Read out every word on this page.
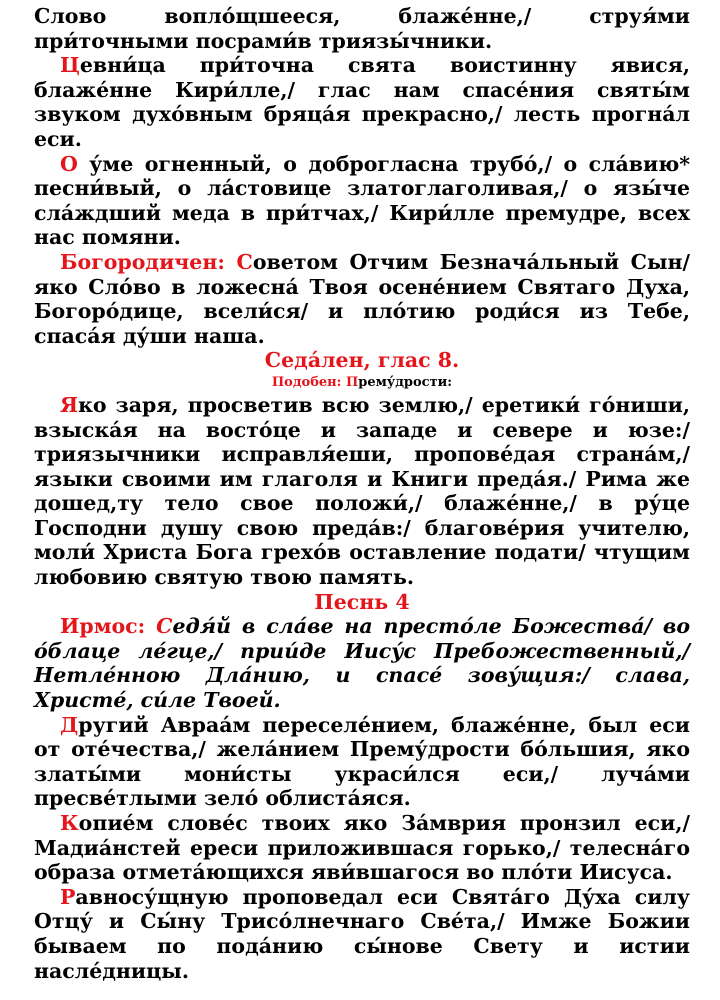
Слово вопло́щшееся, блаже́нне,/ струя́ми при́точными посрами́в триязы́чники.

Цевни́ца при́точна свята воистинну явися, блаже́нне Кири́лле,/ глас нам спасе́ния святы́м звуком духо́вным бряца́я прекрасно,/ лесть прогна́л еси.

О у́ме огненный, о доброгласна трубо́,/ о сла́вию* песни́вый, о ла́стовице златоглаголивая,/ о язы́че сла́ждший меда в при́тчах,/ Кири́лле премудре, всех нас помяни.

Богородичен: Советом Отчим Безнача́льный Сын/ яко Сло́во в ложесна́ Твоя осене́нием Святаго Духа, Богоро́дице, всели́ся/ и пло́тию роди́ся из Тебе, спаса́я ду́ши наша.

Седа́лен, глас 8.

Подобен: Прему́дрости:

Яко заря, просветив всю землю,/ еретики́ го́ниши, взыска́я на восто́це и западе и севере и юзе:/ триязычники исправля́еши, пропове́дая страна́м,/ языки своими им глаголя и Книги преда́я./ Рима же дошед,ту тело свое положи́,/ блаже́нне,/ в ру́це Господни душу свою преда́в:/ благове́рия учителю, моли́ Христа Бога грехо́в оставление подати/ чтущим любовию святую твою память.

Песнь 4

Ирмос: Седя́й в сла́ве на престо́ле Божества́/ во о́блаце ле́гце,/ прии́де Иису́с Пребожественный,/ Нетле́нною Дла́нию, и спасе́ зову́щия:/ слава, Христе́, си́ле Твоей.

Другий Авраа́м переселе́нием, блаже́нне, был еси от оте́чества,/ жела́нием Прему́дрости бо́льшия, яко златы́ми мони́сты украси́лся еси,/ луча́ми пресве́тлыми зело́ облиста́яся.

Копие́м слове́с твоих яко За́мврия пронзил еси,/ Мадиа́нстей ереси приложившася горько,/ телесна́го образа отмета́ющихся яви́вшагося во пло́ти Иисуса.

Равносу́щную проповедал еси Свята́го Ду́ха силу Отцу́ и Сы́ну Трисо́лнечнаго Све́та,/ Имже Божии бываем по пода́нию сы́нове Свету и истии насле́дницы.
